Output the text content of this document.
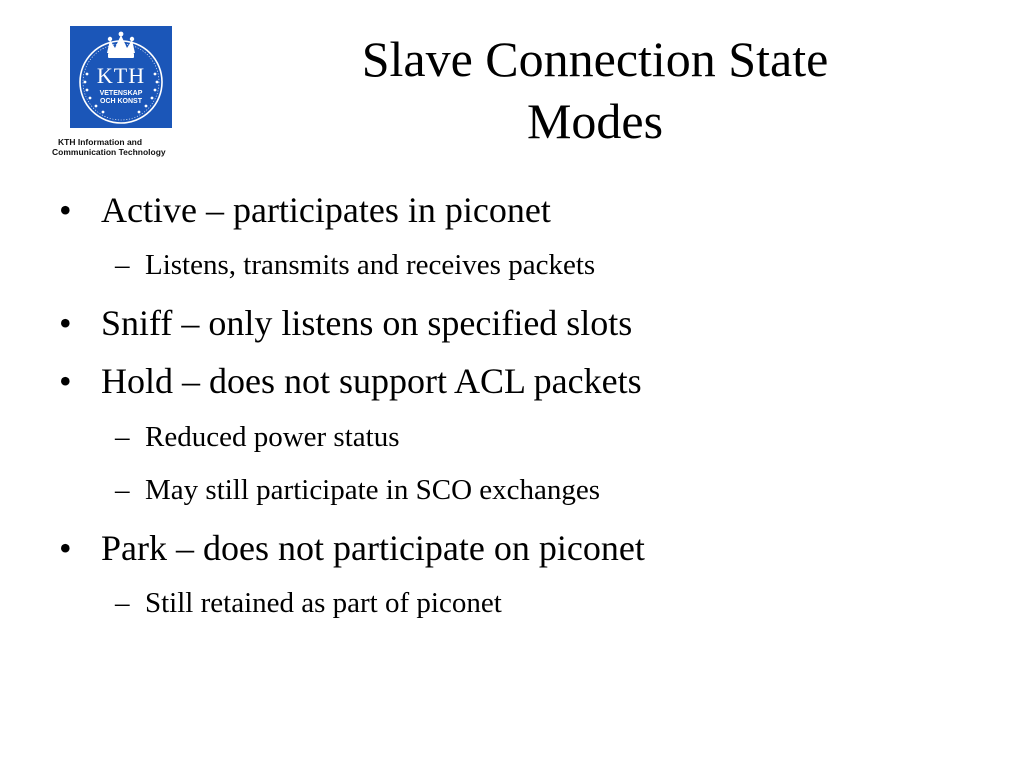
KTH
VETENSKAP
OCH KONST
KTH Information and
Communication Technology
Slave Connection State
Modes
• Active – participates in piconet
– Listens, transmits and receives packets
• Sniff – only listens on specified slots
• Hold – does not support ACL packets
– Reduced power status
– May still participate in SCO exchanges
• Park – does not participate on piconet
– Still retained as part of piconet
